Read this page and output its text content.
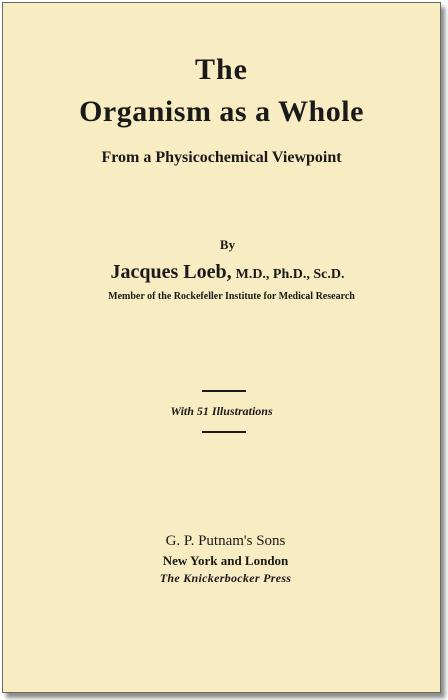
The
Organism as a Whole
From a Physicochemical Viewpoint
By
Jacques Loeb, M.D., Ph.D., Sc.D.
Member of the Rockefeller Institute for Medical Research
With 51 Illustrations
G. P. Putnam's Sons
New York and London
The Knickerbocker Press
